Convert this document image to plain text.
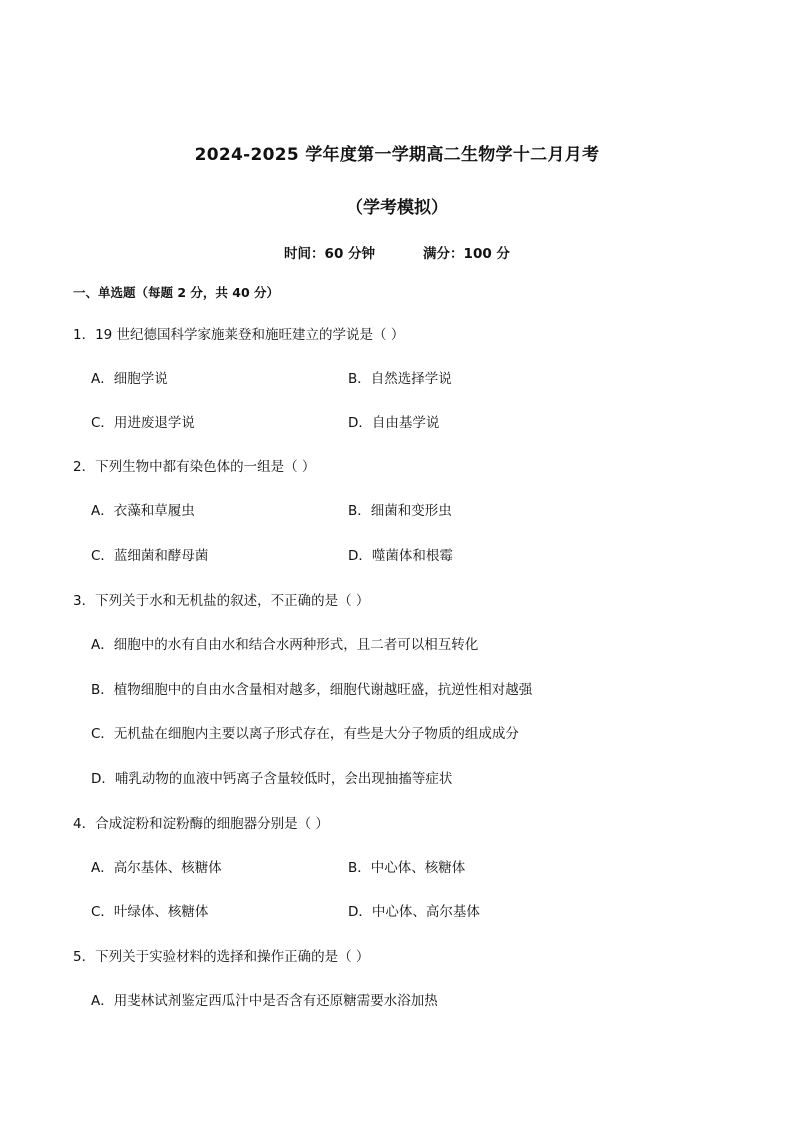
2024-2025 学年度第一学期高二生物学十二月月考
（学考模拟）
时间：60 分钟	满分：100 分
一、单选题（每题 2 分，共 40 分）
1．19 世纪德国科学家施莱登和施旺建立的学说是（ ）
A．细胞学说	B．自然选择学说
C．用进废退学说	D．自由基学说
2．下列生物中都有染色体的一组是（ ）
A．衣藻和草履虫	B．细菌和变形虫
C．蓝细菌和酵母菌	D．噬菌体和根霉
3．下列关于水和无机盐的叙述，不正确的是（ ）
A．细胞中的水有自由水和结合水两种形式，且二者可以相互转化
B．植物细胞中的自由水含量相对越多，细胞代谢越旺盛，抗逆性相对越强
C．无机盐在细胞内主要以离子形式存在，有些是大分子物质的组成成分
D．哺乳动物的血液中钙离子含量较低时，会出现抽搐等症状
4．合成淀粉和淀粉酶的细胞器分别是（ ）
A．高尔基体、核糖体	B．中心体、核糖体
C．叶绿体、核糖体	D．中心体、高尔基体
5．下列关于实验材料的选择和操作正确的是（ ）
A．用斐林试剂鉴定西瓜汁中是否含有还原糖需要水浴加热
